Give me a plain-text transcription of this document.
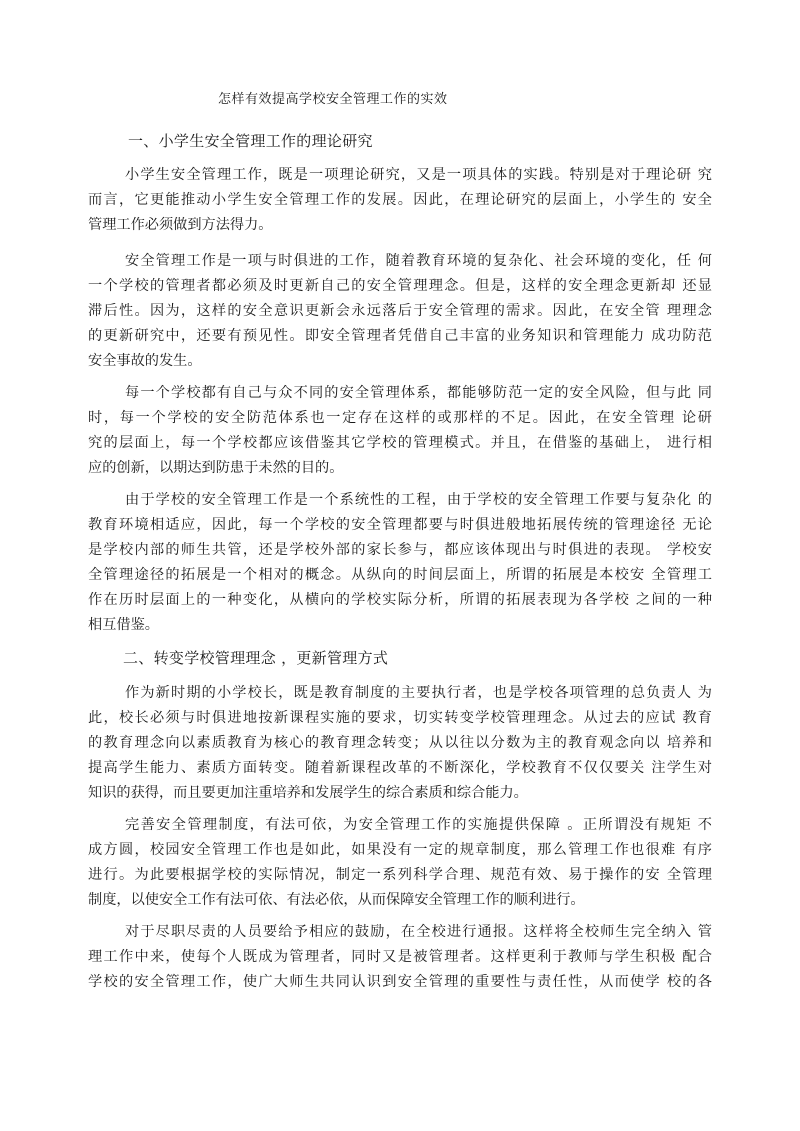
怎样有效提高学校安全管理工作的实效
一、小学生安全管理工作的理论研究
小学生安全管理工作，既是一项理论研究，又是一项具体的实践。特别是对于理论研 究
而言，它更能推动小学生安全管理工作的发展。因此，在理论研究的层面上，小学生的 安全
管理工作必须做到方法得力。
安全管理工作是一项与时俱进的工作，随着教育环境的复杂化、社会环境的变化，任 何
一个学校的管理者都必须及时更新自己的安全管理理念。但是，这样的安全理念更新却 还显
滞后性。因为，这样的安全意识更新会永远落后于安全管理的需求。因此，在安全管 理理念
的更新研究中，还要有预见性。即安全管理者凭借自己丰富的业务知识和管理能力 成功防范
安全事故的发生。
每一个学校都有自己与众不同的安全管理体系，都能够防范一定的安全风险，但与此 同
时，每一个学校的安全防范体系也一定存在这样的或那样的不足。因此，在安全管理 论研
究的层面上，每一个学校都应该借鉴其它学校的管理模式。并且，在借鉴的基础上， 进行相
应的创新，以期达到防患于未然的目的。
由于学校的安全管理工作是一个系统性的工程，由于学校的安全管理工作要与复杂化 的
教育环境相适应，因此，每一个学校的安全管理都要与时俱进般地拓展传统的管理途径 无论
是学校内部的师生共管，还是学校外部的家长参与，都应该体现出与时俱进的表现。 学校安
全管理途径的拓展是一个相对的概念。从纵向的时间层面上，所谓的拓展是本校安 全管理工
作在历时层面上的一种变化，从横向的学校实际分析，所谓的拓展表现为各学校 之间的一种
相互借鉴。
二、转变学校管理理念 ，更新管理方式
作为新时期的小学校长，既是教育制度的主要执行者，也是学校各项管理的总负责人 为
此，校长必须与时俱进地按新课程实施的要求，切实转变学校管理理念。从过去的应试 教育
的教育理念向以素质教育为核心的教育理念转变；从以往以分数为主的教育观念向以 培养和
提高学生能力、素质方面转变。随着新课程改革的不断深化，学校教育不仅仅要关 注学生对
知识的获得，而且要更加注重培养和发展学生的综合素质和综合能力。
完善安全管理制度，有法可依，为安全管理工作的实施提供保障 。正所谓没有规矩 不
成方圆，校园安全管理工作也是如此，如果没有一定的规章制度，那么管理工作也很难 有序
进行。为此要根据学校的实际情况，制定一系列科学合理、规范有效、易于操作的安 全管理
制度，以使安全工作有法可依、有法必依，从而保障安全管理工作的顺利进行。
对于尽职尽责的人员要给予相应的鼓励，在全校进行通报。这样将全校师生完全纳入 管
理工作中来，使每个人既成为管理者，同时又是被管理者。这样更利于教师与学生积极 配合
学校的安全管理工作，使广大师生共同认识到安全管理的重要性与责任性，从而使学 校的各
